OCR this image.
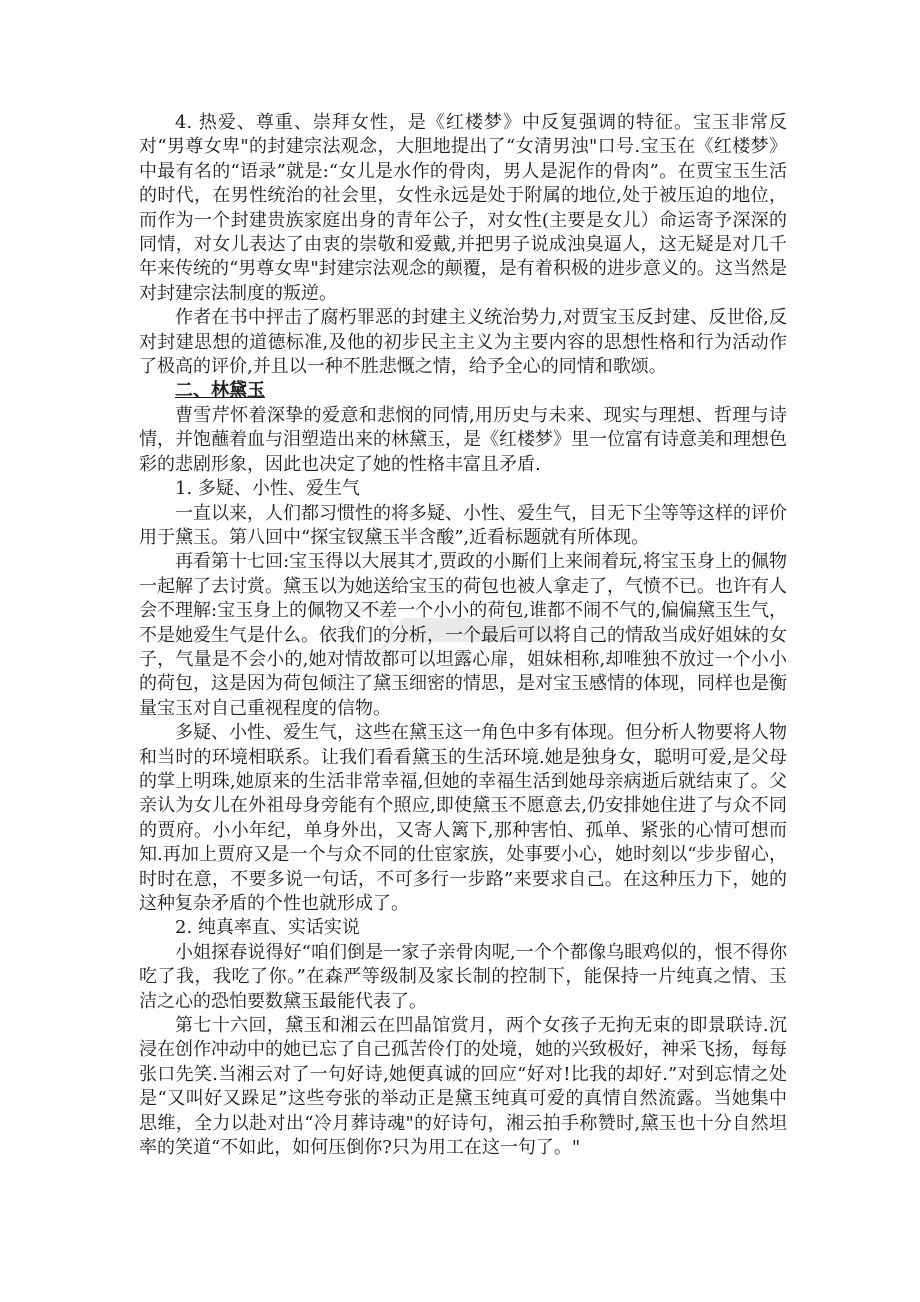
4. 热爱、尊重、崇拜女性，是《红楼梦》中反复强调的特征。宝玉非常反对“男尊女卑"的封建宗法观念，大胆地提出了“女清男浊"口号.宝玉在《红楼梦》中最有名的“语录”就是:“女儿是水作的骨肉，男人是泥作的骨肉”。在贾宝玉生活的时代，在男性统治的社会里，女性永远是处于附属的地位,处于被压迫的地位，而作为一个封建贵族家庭出身的青年公子，对女性(主要是女儿）命运寄予深深的同情，对女儿表达了由衷的崇敬和爱戴,并把男子说成浊臭逼人，这无疑是对几千年来传统的“男尊女卑"封建宗法观念的颠覆，是有着积极的进步意义的。这当然是对封建宗法制度的叛逆。

作者在书中抨击了腐朽罪恶的封建主义统治势力,对贾宝玉反封建、反世俗,反对封建思想的道德标准,及他的初步民主主义为主要内容的思想性格和行为活动作了极高的评价,并且以一种不胜悲慨之情，给予全心的同情和歌颂。

二、林黛玉

曹雪芹怀着深挚的爱意和悲悯的同情,用历史与未来、现实与理想、哲理与诗情，并饱蘸着血与泪塑造出来的林黛玉，是《红楼梦》里一位富有诗意美和理想色彩的悲剧形象，因此也决定了她的性格丰富且矛盾.

1. 多疑、小性、爱生气

一直以来，人们都习惯性的将多疑、小性、爱生气，目无下尘等等这样的评价用于黛玉。第八回中“探宝钗黛玉半含酸”,近看标题就有所体现。

再看第十七回:宝玉得以大展其才,贾政的小厮们上来闹着玩,将宝玉身上的佩物一起解了去讨赏。黛玉以为她送给宝玉的荷包也被人拿走了，气愤不已。也许有人会不理解:宝玉身上的佩物又不差一个小小的荷包,谁都不闹不气的,偏偏黛玉生气，不是她爱生气是什么。依我们的分析，一个最后可以将自己的情敌当成好姐妹的女子，气量是不会小的,她对情故都可以坦露心扉，姐妹相称,却唯独不放过一个小小的荷包，这是因为荷包倾注了黛玉细密的情思，是对宝玉感情的体现，同样也是衡量宝玉对自己重视程度的信物。

多疑、小性、爱生气，这些在黛玉这一角色中多有体现。但分析人物要将人物和当时的环境相联系。让我们看看黛玉的生活环境.她是独身女，聪明可爱,是父母的掌上明珠,她原来的生活非常幸福,但她的幸福生活到她母亲病逝后就结束了。父亲认为女儿在外祖母身旁能有个照应,即使黛玉不愿意去,仍安排她住进了与众不同的贾府。小小年纪，单身外出，又寄人篱下,那种害怕、孤单、紧张的心情可想而知.再加上贾府又是一个与众不同的仕宦家族，处事要小心，她时刻以“步步留心，时时在意，不要多说一句话，不可多行一步路”来要求自己。在这种压力下，她的这种复杂矛盾的个性也就形成了。

2. 纯真率直、实话实说

小姐探春说得好“咱们倒是一家子亲骨肉呢,一个个都像乌眼鸡似的，恨不得你吃了我，我吃了你。”在森严等级制及家长制的控制下，能保持一片纯真之情、玉洁之心的恐怕要数黛玉最能代表了。

第七十六回，黛玉和湘云在凹晶馆赏月，两个女孩子无拘无束的即景联诗.沉浸在创作冲动中的她已忘了自己孤苦伶仃的处境，她的兴致极好，神采飞扬，每每张口先笑.当湘云对了一句好诗,她便真诚的回应“好对!比我的却好.”对到忘情之处是“又叫好又跺足”这些夸张的举动正是黛玉纯真可爱的真情自然流露。当她集中思维，全力以赴对出“冷月葬诗魂"的好诗句，湘云拍手称赞时,黛玉也十分自然坦率的笑道“不如此，如何压倒你?只为用工在这一句了。"
